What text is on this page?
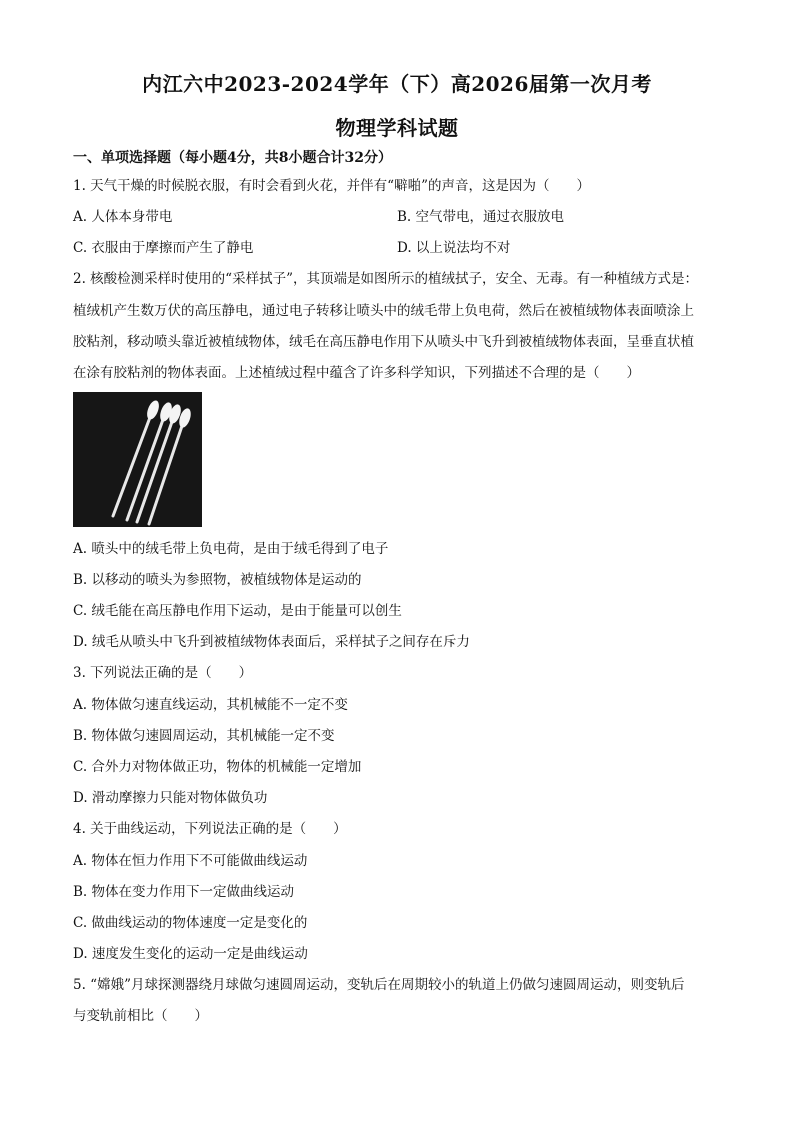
内江六中2023-2024学年（下）高2026届第一次月考
物理学科试题
一、单项选择题（每小题4分，共8小题合计32分）
1. 天气干燥的时候脱衣服，有时会看到火花，并伴有“噼啪”的声音，这是因为（　　）
A. 人体本身带电	B. 空气带电，通过衣服放电
C. 衣服由于摩擦而产生了静电	D. 以上说法均不对
2. 核酸检测采样时使用的“采样拭子”，其顶端是如图所示的植绒拭子，安全、无毒。有一种植绒方式是：
植绒机产生数万伏的高压静电，通过电子转移让喷头中的绒毛带上负电荷，然后在被植绒物体表面喷涂上
胶粘剂，移动喷头靠近被植绒物体，绒毛在高压静电作用下从喷头中飞升到被植绒物体表面，呈垂直状植
在涂有胶粘剂的物体表面。上述植绒过程中蕴含了许多科学知识，下列描述不合理的是（　　）
A. 喷头中的绒毛带上负电荷，是由于绒毛得到了电子
B. 以移动的喷头为参照物，被植绒物体是运动的
C. 绒毛能在高压静电作用下运动，是由于能量可以创生
D. 绒毛从喷头中飞升到被植绒物体表面后，采样拭子之间存在斥力
3. 下列说法正确的是（　　）
A. 物体做匀速直线运动，其机械能不一定不变
B. 物体做匀速圆周运动，其机械能一定不变
C. 合外力对物体做正功，物体的机械能一定增加
D. 滑动摩擦力只能对物体做负功
4. 关于曲线运动，下列说法正确的是（　　）
A. 物体在恒力作用下不可能做曲线运动
B. 物体在变力作用下一定做曲线运动
C. 做曲线运动的物体速度一定是变化的
D. 速度发生变化的运动一定是曲线运动
5. “嫦娥”月球探测器绕月球做匀速圆周运动，变轨后在周期较小的轨道上仍做匀速圆周运动，则变轨后
与变轨前相比（　　）
